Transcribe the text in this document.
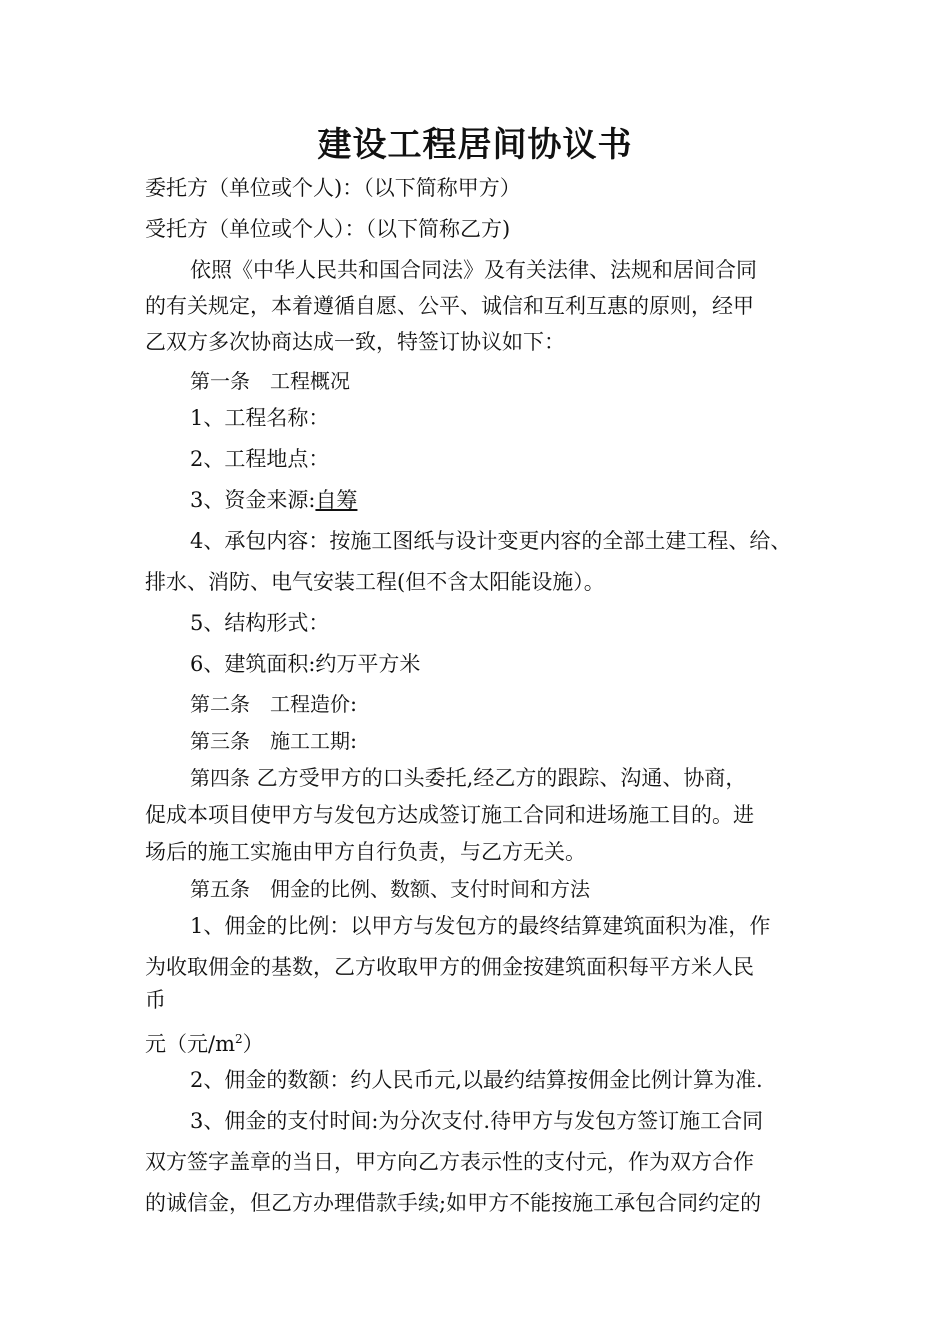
建设工程居间协议书
委托方（单位或个人)：（以下简称甲方）
受托方（单位或个人）：（以下简称乙方)
依照《中华人民共和国合同法》及有关法律、法规和居间合同
的有关规定，本着遵循自愿、公平、诚信和互利互惠的原则，经甲
乙双方多次协商达成一致，特签订协议如下：
第一条　工程概况
1、工程名称：
2、工程地点：
3、资金来源:自筹
4、承包内容：按施工图纸与设计变更内容的全部土建工程、给、
排水、消防、电气安装工程(但不含太阳能设施）。
5、结构形式：
6、建筑面积:约万平方米
第二条　工程造价:
第三条　施工工期:
第四条 乙方受甲方的口头委托,经乙方的跟踪、沟通、协商，
促成本项目使甲方与发包方达成签订施工合同和进场施工目的。进
场后的施工实施由甲方自行负责，与乙方无关。
第五条　佣金的比例、数额、支付时间和方法
1、佣金的比例：以甲方与发包方的最终结算建筑面积为准，作
为收取佣金的基数，乙方收取甲方的佣金按建筑面积每平方米人民
币
元（元$/m^2$）
2、佣金的数额：约人民币元,以最约结算按佣金比例计算为准.
3、佣金的支付时间:为分次支付.待甲方与发包方签订施工合同
双方签字盖章的当日，甲方向乙方表示性的支付元，作为双方合作
的诚信金，但乙方办理借款手续;如甲方不能按施工承包合同约定的
